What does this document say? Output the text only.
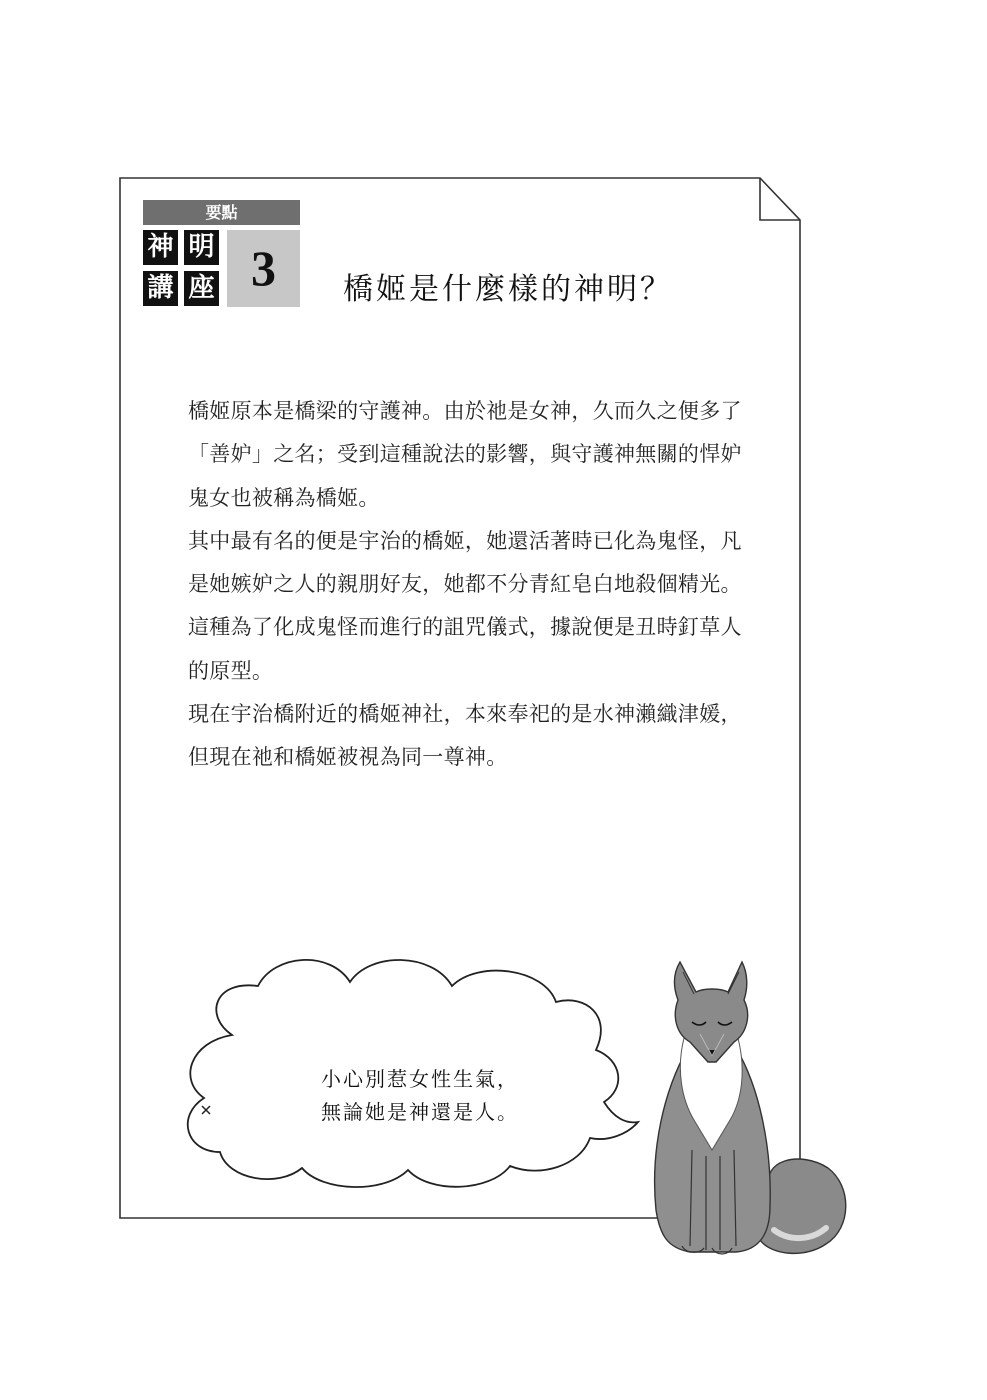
要點
神 明
講 座 3	橋姬是什麼樣的神明？

橋姬原本是橋梁的守護神。由於祂是女神，久而久之便多了「善妒」之名；受到這種說法的影響，與守護神無關的悍妒鬼女也被稱為橋姬。

其中最有名的便是宇治的橋姬，她還活著時已化為鬼怪，凡是她嫉妒之人的親朋好友，她都不分青紅皂白地殺個精光。這種為了化成鬼怪而進行的詛咒儀式，據說便是丑時釘草人的原型。

現在宇治橋附近的橋姬神社，本來奉祀的是水神瀨織津媛，但現在祂和橋姬被視為同一尊神。

小心別惹女性生氣，
無論她是神還是人。
